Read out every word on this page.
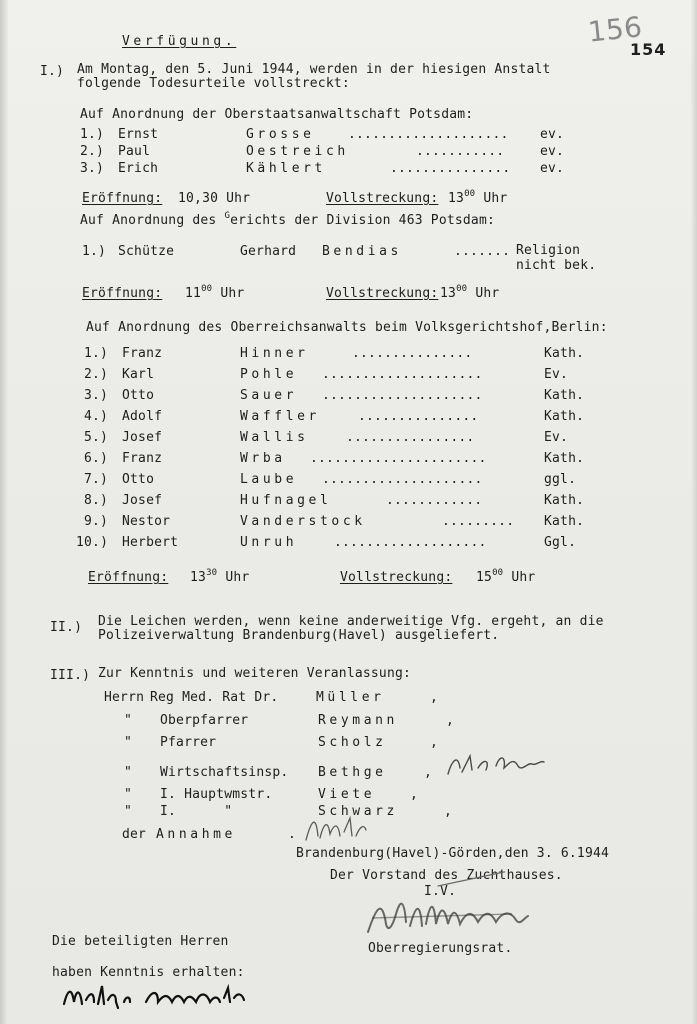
Verfügung.	156
154
I.) Am Montag, den 5. Juni 1944, werden in der hiesigen Anstalt
folgende Todesurteile vollstreckt:
Auf Anordnung der Oberstaatsanwaltschaft Potsdam:
1.) Ernst	Grosse	.................... ev.
2.) Paul	Oestreich	...........	ev.
3.) Erich	Kählert	............... ev.
Eröffnung: 10,30 Uhr	Vollstreckung: $13^{00}$ Uhr
Auf Anordnung des $^G$erichts der Division 463 Potsdam:
1.) Schütze	Gerhard Bendias	....... Religion
nicht bek.
Eröffnung: $11^{00}$ Uhr	Vollstreckung: $13^{00}$ Uhr
Auf Anordnung des Oberreichsanwalts beim Volksgerichtshof,Berlin:
1.) Franz	Hinner	...............	Kath.
2.) Karl	Pohle ....................	Ev.
3.) Otto	Sauer ....................	Kath.
4.) Adolf	Waffler	...............	Kath.
5.) Josef	Wallis	................	Ev.
6.) Franz	Wrba ......................	Kath.
7.) Otto	Laube ....................	ggl.
8.) Josef	Hufnagel	............	Kath.
9.) Nestor	Vanderstock	......... Kath.
10.) Herbert	Unruh	...................	Ggl.
Eröffnung: $13^{30}$ Uhr	Vollstreckung: $15^{00}$ Uhr
II.) Die Leichen werden, wenn keine anderweitige Vfg. ergeht, an die
Polizeiverwaltung Brandenburg(Havel) ausgeliefert.
III.) Zur Kenntnis und weiteren Veranlassung:
Herrn Reg Med. Rat Dr.	Müller	,
" Oberpfarrer	Reymann	,
" Pfarrer	Scholz	,
" Wirtschaftsinsp. Bethge	,
" I. Hauptwmstr.	Viete	,
" I.      "	Schwarz	,
der Annahme	.
Brandenburg(Havel)-Görden,den 3. 6.1944
Der Vorstand des Zuchthauses.
I.V.
Oberregierungsrat.
Die beteiligten Herren
haben Kenntnis erhalten:
